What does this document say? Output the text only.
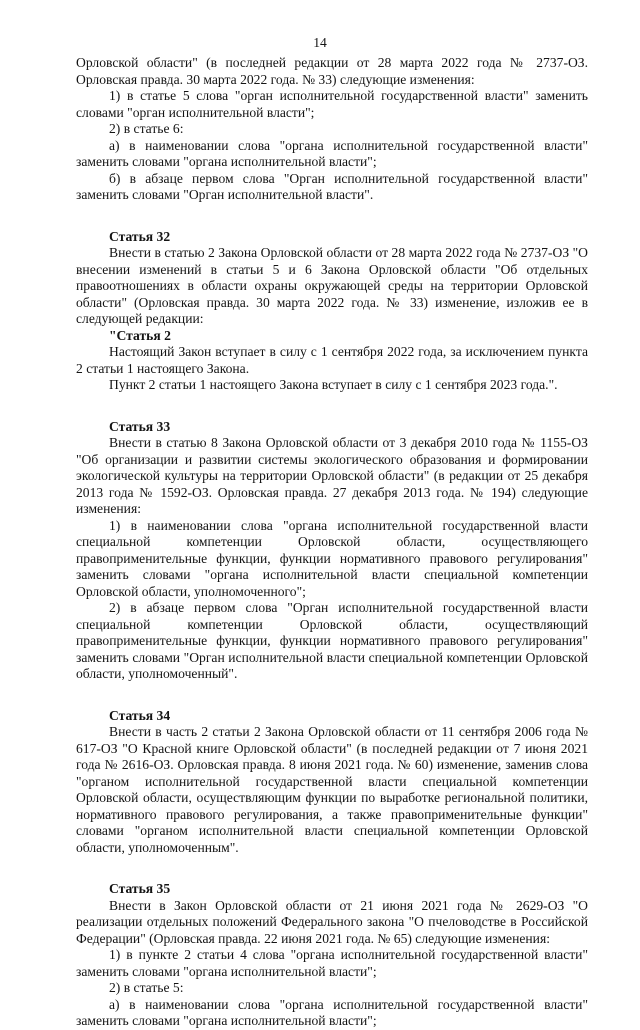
14

Орловской области" (в последней редакции от 28 марта 2022 года № 2737-ОЗ. Орловская правда. 30 марта 2022 года. № 33) следующие изменения:

1) в статье 5 слова "орган исполнительной государственной власти" заменить словами "орган исполнительной власти";

2) в статье 6:

а) в наименовании слова "органа исполнительной государственной власти" заменить словами "органа исполнительной власти";

б) в абзаце первом слова "Орган исполнительной государственной власти" заменить словами "Орган исполнительной власти".

Статья 32

Внести в статью 2 Закона Орловской области от 28 марта 2022 года № 2737-ОЗ "О внесении изменений в статьи 5 и 6 Закона Орловской области "Об отдельных правоотношениях в области охраны окружающей среды на территории Орловской области" (Орловская правда. 30 марта 2022 года. № 33) изменение, изложив ее в следующей редакции:

"Статья 2

Настоящий Закон вступает в силу с 1 сентября 2022 года, за исключением пункта 2 статьи 1 настоящего Закона.

Пункт 2 статьи 1 настоящего Закона вступает в силу с 1 сентября 2023 года.".

Статья 33

Внести в статью 8 Закона Орловской области от 3 декабря 2010 года № 1155-ОЗ "Об организации и развитии системы экологического образования и формировании экологической культуры на территории Орловской области" (в редакции от 25 декабря 2013 года № 1592-ОЗ. Орловская правда. 27 декабря 2013 года. № 194) следующие изменения:

1) в наименовании слова "органа исполнительной государственной власти специальной компетенции Орловской области, осуществляющего правоприменительные функции, функции нормативного правового регулирования" заменить словами "органа исполнительной власти специальной компетенции Орловской области, уполномоченного";

2) в абзаце первом слова "Орган исполнительной государственной власти специальной компетенции Орловской области, осуществляющий правоприменительные функции, функции нормативного правового регулирования" заменить словами "Орган исполнительной власти специальной компетенции Орловской области, уполномоченный".

Статья 34

Внести в часть 2 статьи 2 Закона Орловской области от 11 сентября 2006 года № 617-ОЗ "О Красной книге Орловской области" (в последней редакции от 7 июня 2021 года № 2616-ОЗ. Орловская правда. 8 июня 2021 года. № 60) изменение, заменив слова "органом исполнительной государственной власти специальной компетенции Орловской области, осуществляющим функции по выработке региональной политики, нормативного правового регулирования, а также правоприменительные функции" словами "органом исполнительной власти специальной компетенции Орловской области, уполномоченным".

Статья 35

Внести в Закон Орловской области от 21 июня 2021 года № 2629-ОЗ "О реализации отдельных положений Федерального закона "О пчеловодстве в Российской Федерации" (Орловская правда. 22 июня 2021 года. № 65) следующие изменения:

1) в пункте 2 статьи 4 слова "органа исполнительной государственной власти" заменить словами "органа исполнительной власти";

2) в статье 5:

а) в наименовании слова "органа исполнительной государственной власти" заменить словами "органа исполнительной власти";
